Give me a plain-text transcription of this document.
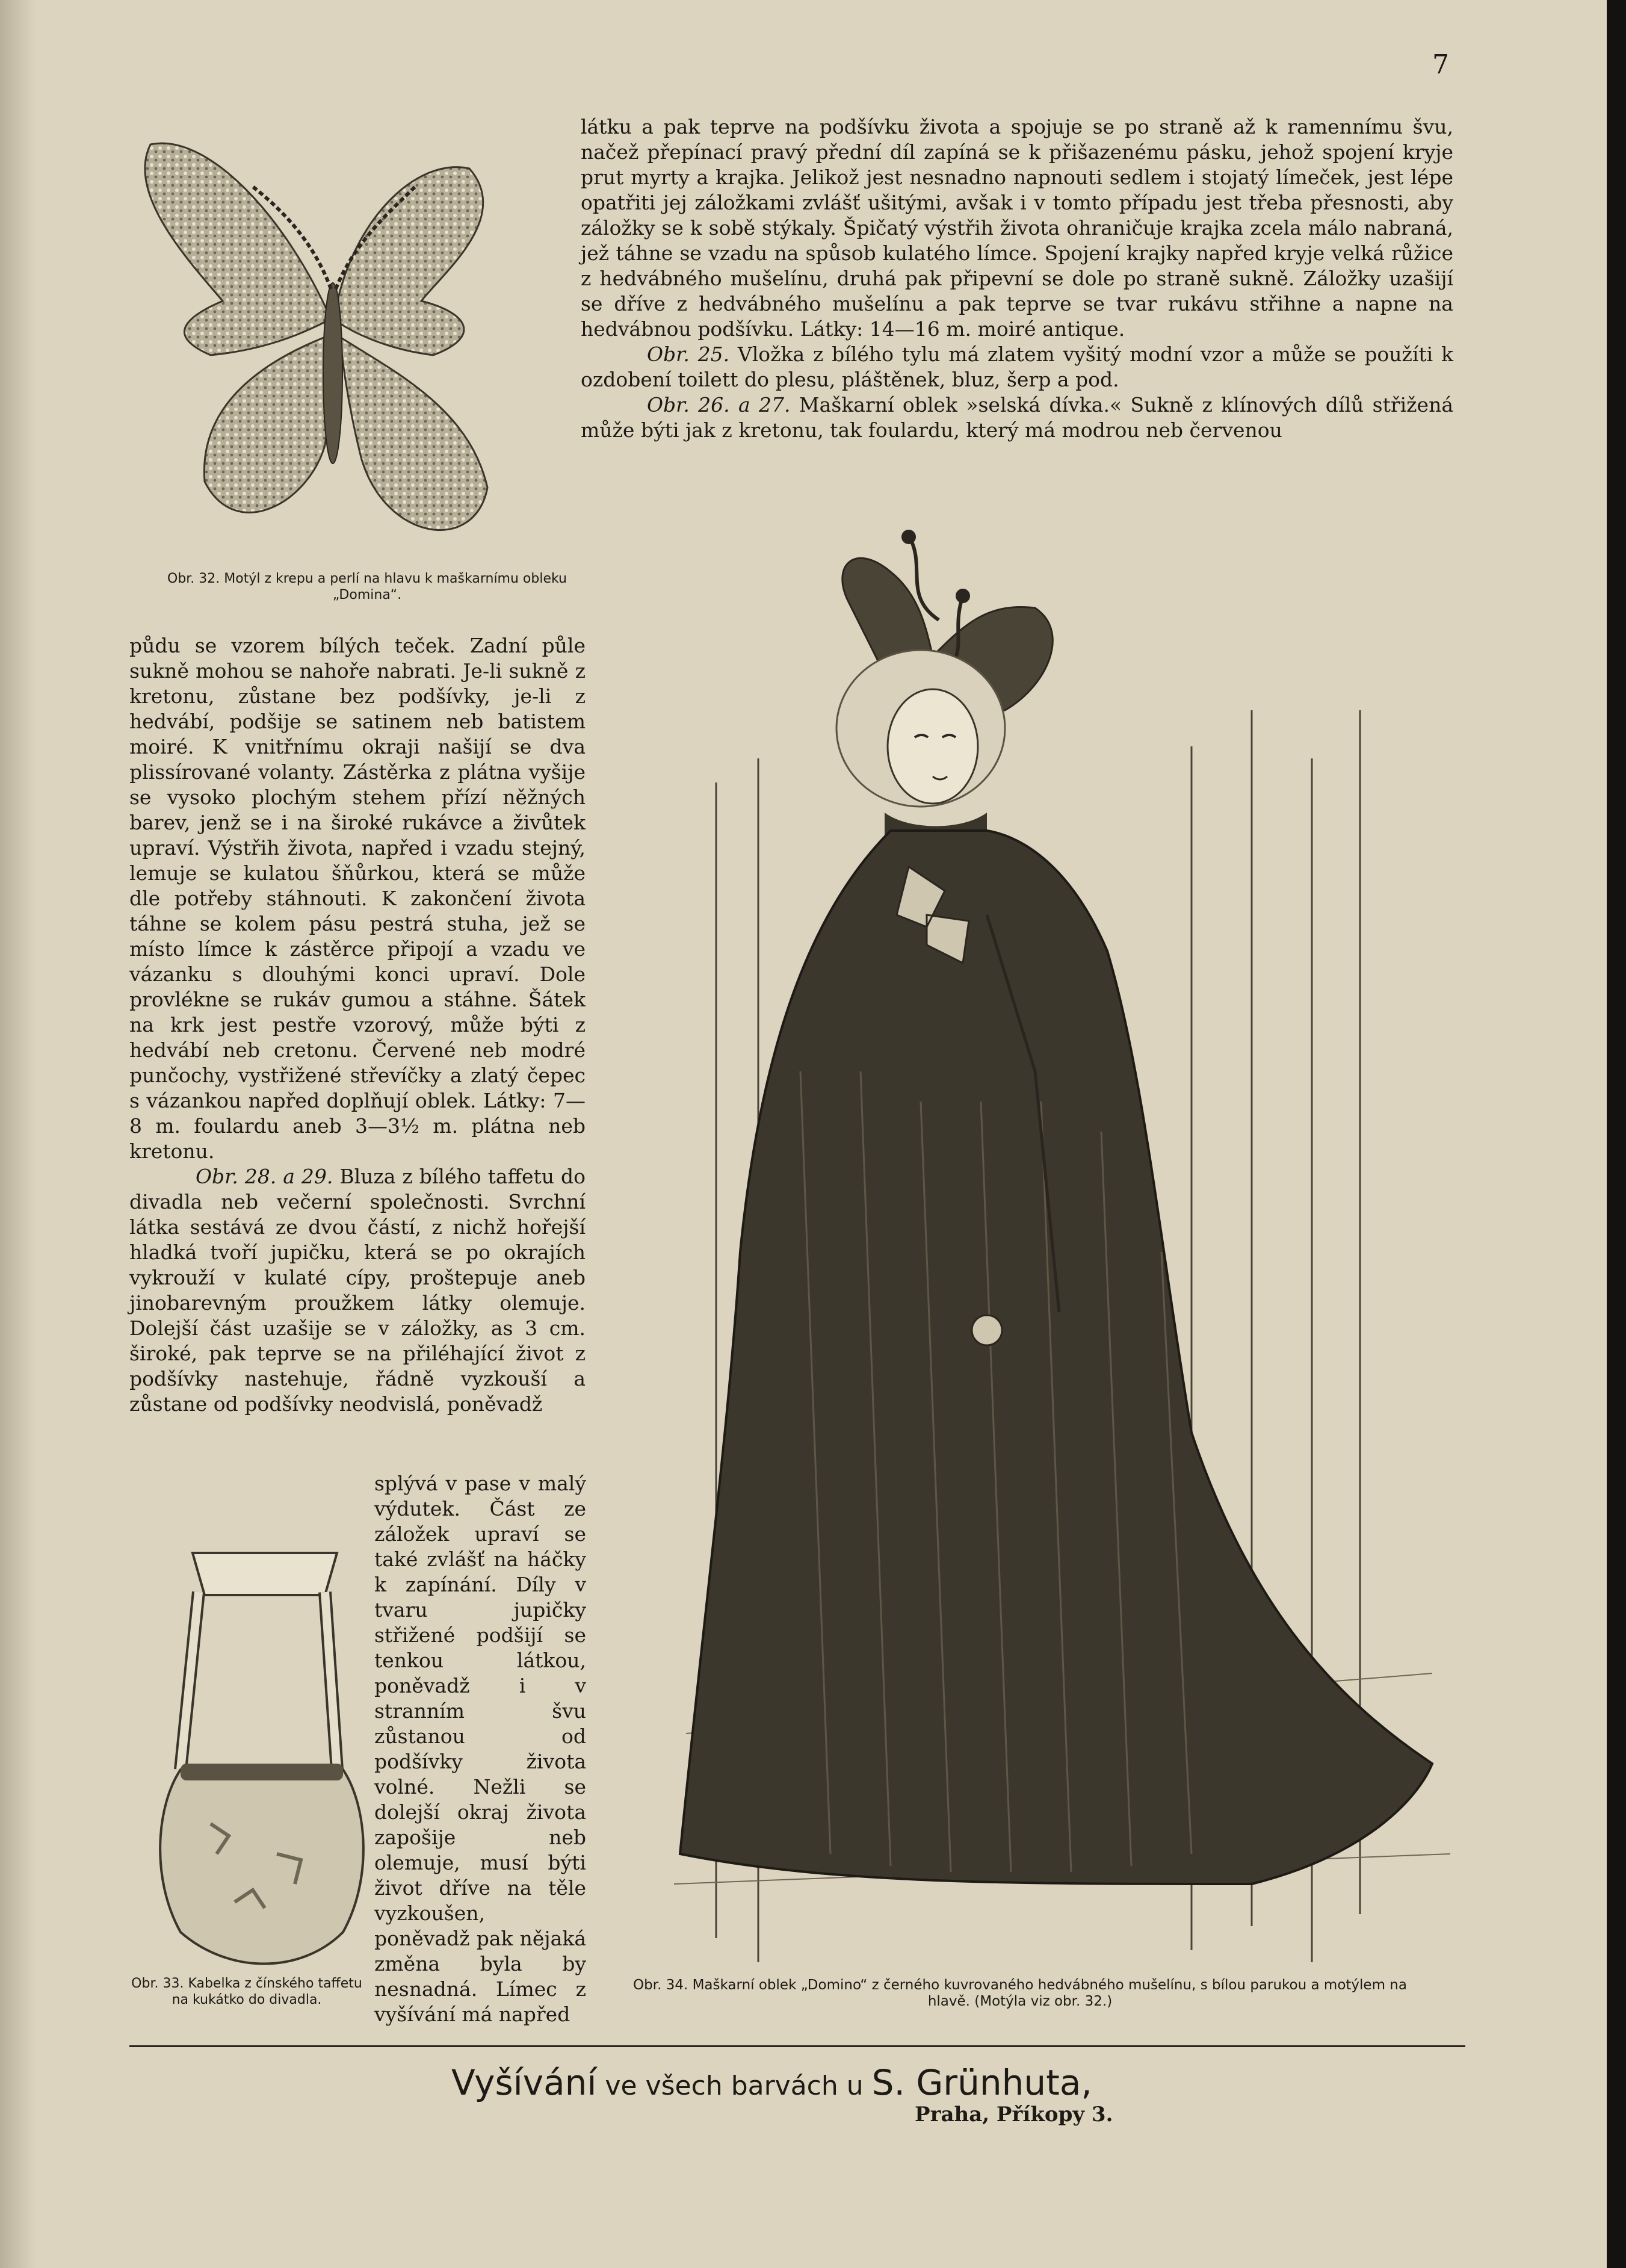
7

látku a pak teprve na podšívku života a spojuje se po straně až k ramennímu švu, načež přepínací pravý přední díl zapíná se k přišazenému pásku, jehož spojení kryje prut myrty a krajka. Jelikož jest nesnadno napnouti sedlem i stojatý límeček, jest lépe opatřiti jej záložkami zvlášť ušitými, avšak i v tomto případu jest třeba přesnosti, aby záložky se k sobě stýkaly. Špičatý výstřih života ohraničuje krajka zcela málo nabraná, jež táhne se vzadu na spůsob kulatého límce. Spojení krajky napřed kryje velká růžice z hedvábného mušelínu, druhá pak připevní se dole po straně sukně. Záložky uzašijí se dříve z hedvábného mušelínu a pak teprve se tvar rukávu střihne a napne na hedvábnou podšívku. Látky: 14—16 m. moiré antique.
Obr. 25. Vložka z bílého tylu má zlatem vyšitý modní vzor a může se použíti k ozdobení toilett do plesu, pláštěnek, bluz, šerp a pod.
Obr. 26. a 27. Maškarní oblek »selská dívka.« Sukně z klínových dílů střižená může býti jak z kretonu, tak foulardu, který má modrou neb červenou

Obr. 32. Motýl z krepu a perlí na hlavu k maškarnímu obleku „Domina“.

půdu se vzorem bílých teček. Zadní půle sukně mohou se nahoře nabrati. Je-li sukně z kretonu, zůstane bez podšívky, je-li z hedvábí, podšije se satinem neb batistem moiré. K vnitřnímu okraji našijí se dva plissírované volanty. Zástěrka z plátna vyšije se vysoko plochým stehem přízí něžných barev, jenž se i na široké rukávce a živůtek upraví. Výstřih života, napřed i vzadu stejný, lemuje se kulatou šňůrkou, která se může dle potřeby stáhnouti. K zakončení života táhne se kolem pásu pestrá stuha, jež se místo límce k zástěrce připojí a vzadu ve vázanku s dlouhými konci upraví. Dole provlékne se rukáv gumou a stáhne. Šátek na krk jest pestře vzorový, může býti z hedvábí neb cretonu. Červené neb modré punčochy, vystřižené střevíčky a zlatý čepec s vázankou napřed doplňují oblek. Látky: 7—8 m. foulardu aneb 3—3½ m. plátna neb kretonu.
Obr. 28. a 29. Bluza z bílého taffetu do divadla neb večerní společnosti. Svrchní látka sestává ze dvou částí, z nichž hořejší hladká tvoří jupičku, která se po okrajích vykrouží v kulaté cípy, proštepuje aneb jinobarevným proužkem látky olemuje. Dolejší část uzašije se v záložky, as 3 cm. široké, pak teprve se na přiléhající život z podšívky nastehuje, řádně vyzkouší a zůstane od podšívky neodvislá, poněvadž

splývá v pase v malý výdutek. Část ze záložek upraví se také zvlášť na háčky k zapínání. Díly v tvaru jupičky střižené podšijí se tenkou látkou, poněvadž i v stranním švu zůstanou od podšívky života volné. Nežli se dolejší okraj života zapošije neb olemuje, musí býti život dříve na těle vyzkoušen, poněvadž pak nějaká změna byla by nesnadná. Límec z vyšívání má napřed

Obr. 33. Kabelka z čínského taffetu na kukátko do divadla.

Obr. 34. Maškarní oblek „Domino“ z černého kuvrovaného hedvábného mušelínu, s bílou parukou a motýlem na hlavě. (Motýla viz obr. 32.)

Vyšívání ve všech barvách u S. Grünhuta,
Praha, Příkopy 3.
